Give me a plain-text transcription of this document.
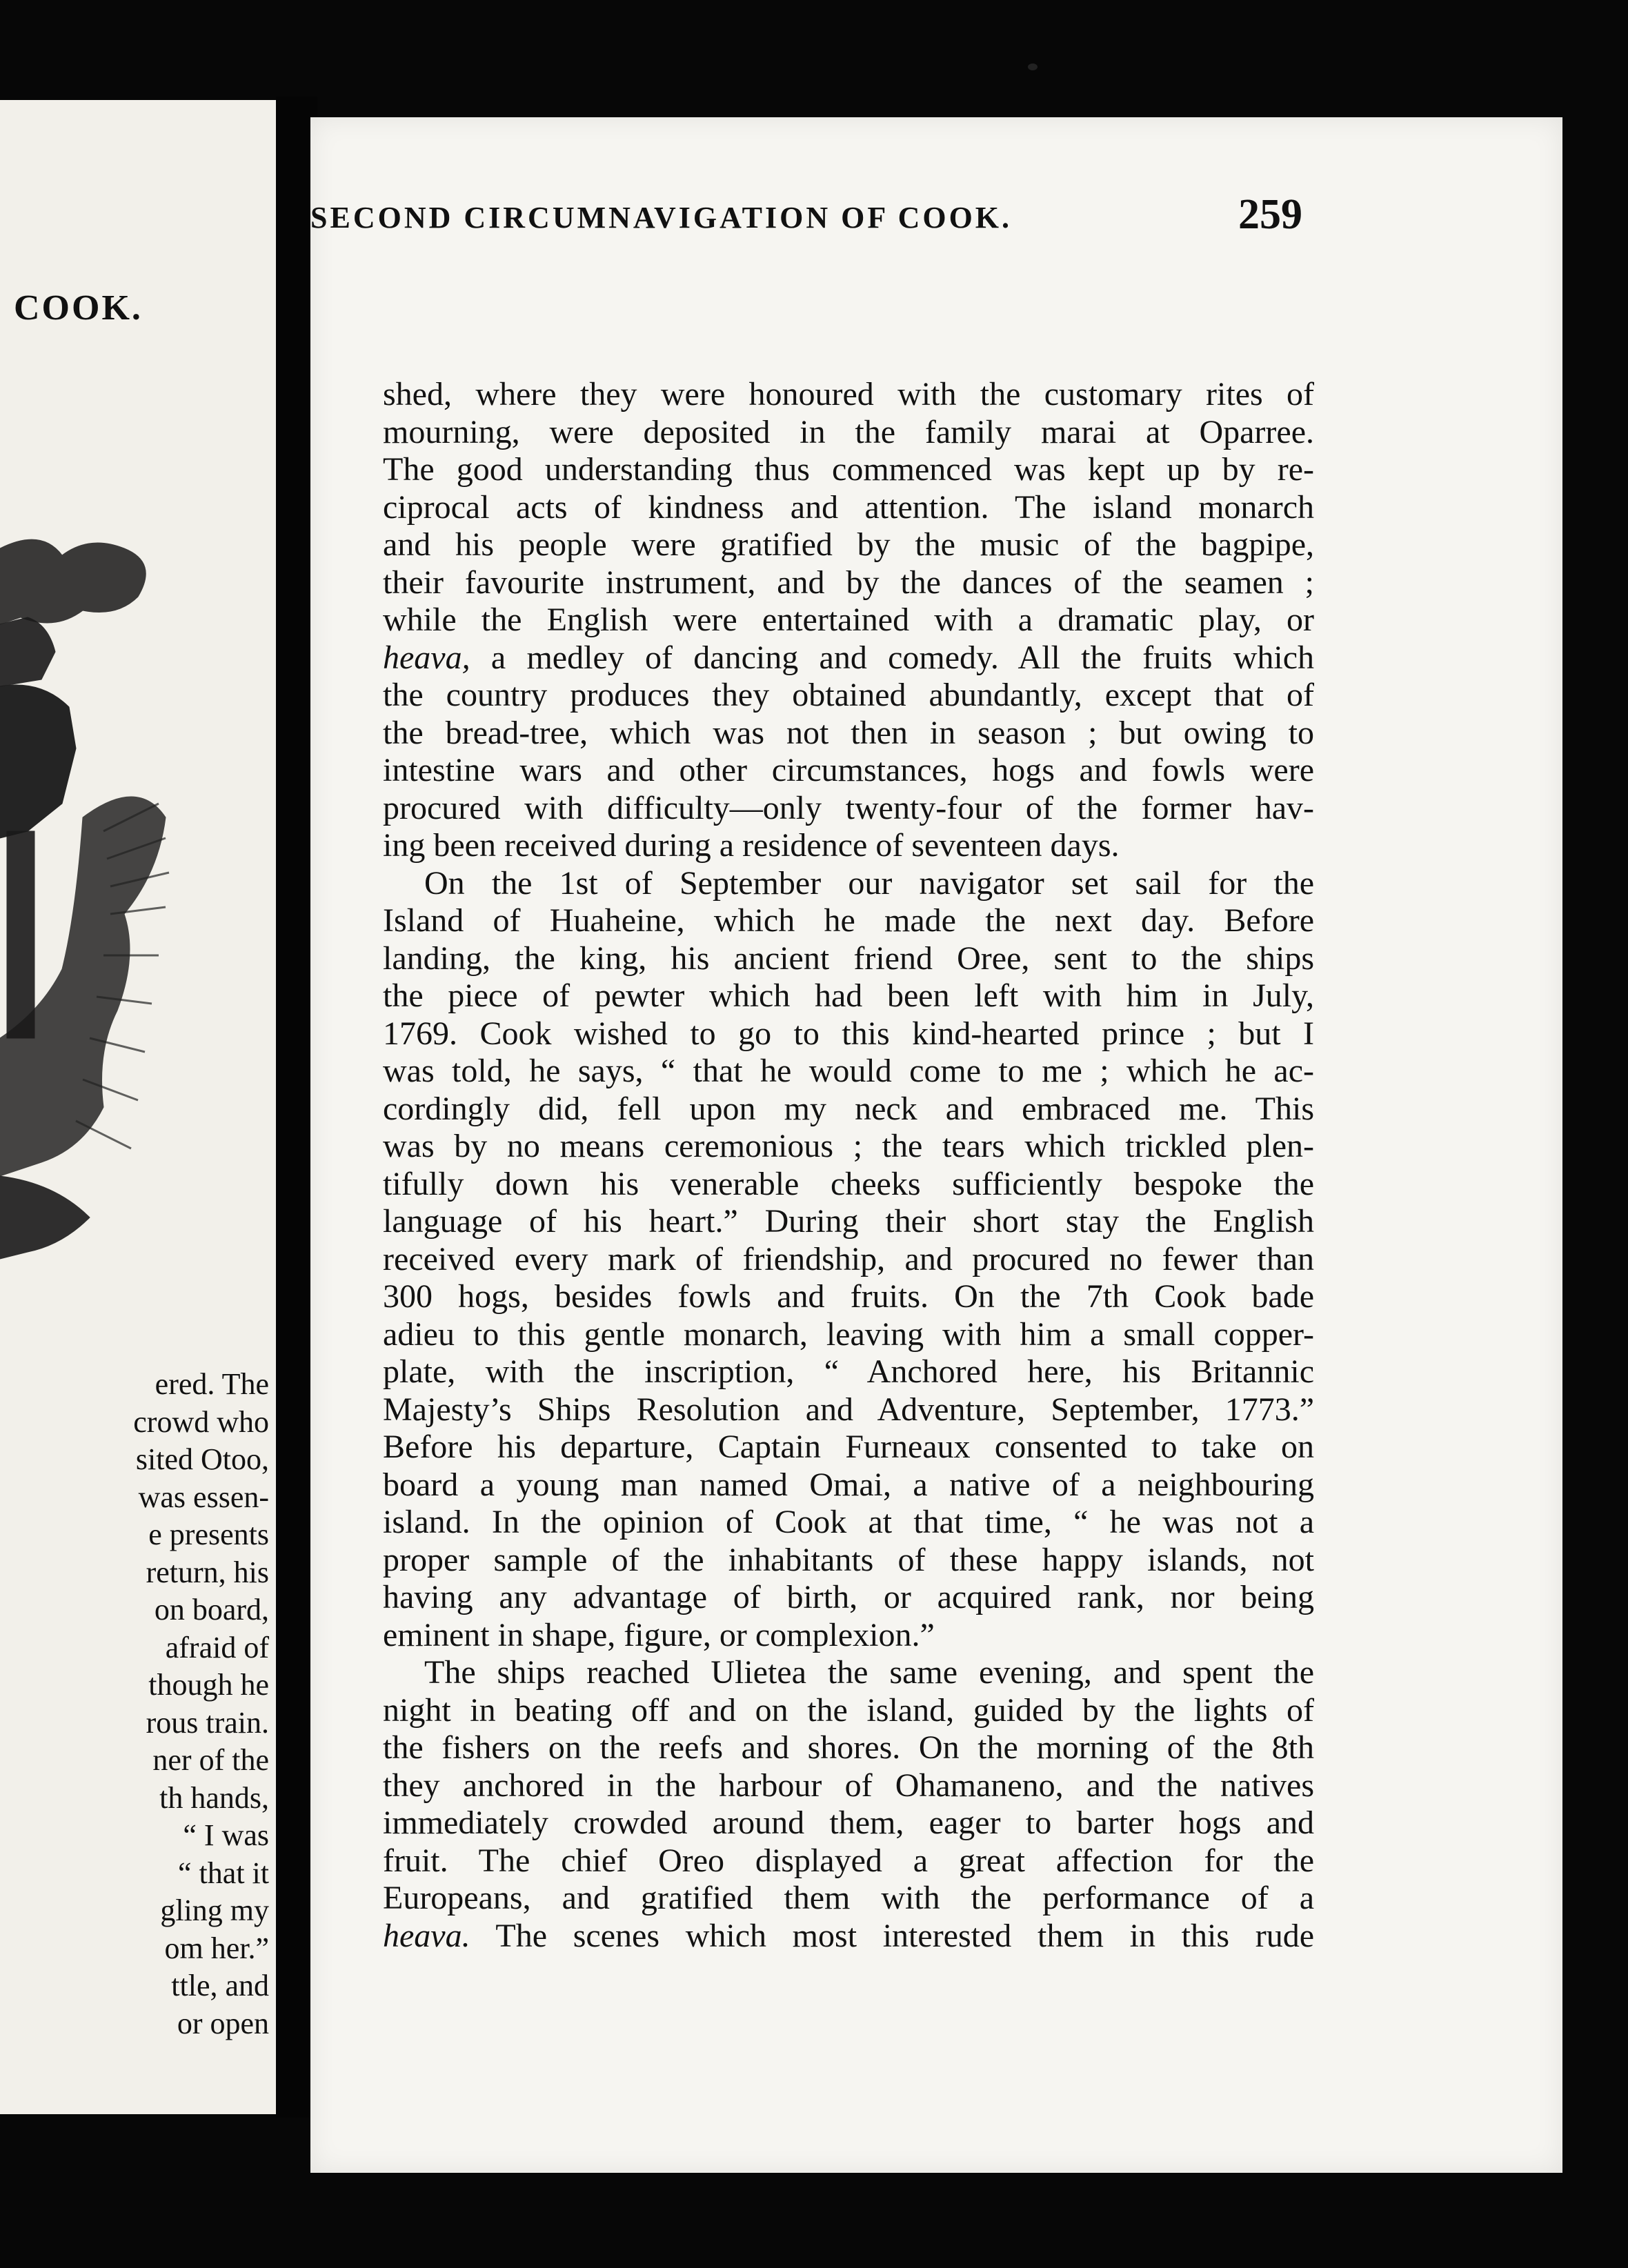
COOK.
ered. The
crowd who
sited Otoo,
was essen-
e presents
return, his
on board,
afraid of
though he
rous train.
ner of the
th hands,
“ I was
“ that it
gling my
om her.”
ttle, and
or open
SECOND CIRCUMNAVIGATION OF COOK.	259
shed, where they were honoured with the customary rites of
mourning, were deposited in the family marai at Oparree.
The good understanding thus commenced was kept up by re-
ciprocal acts of kindness and attention. The island monarch
and his people were gratified by the music of the bagpipe,
their favourite instrument, and by the dances of the seamen ;
while the English were entertained with a dramatic play, or
heava, a medley of dancing and comedy. All the fruits which
the country produces they obtained abundantly, except that of
the bread-tree, which was not then in season ; but owing to
intestine wars and other circumstances, hogs and fowls were
procured with difficulty—only twenty-four of the former hav-
ing been received during a residence of seventeen days.
On the 1st of September our navigator set sail for the
Island of Huaheine, which he made the next day. Before
landing, the king, his ancient friend Oree, sent to the ships
the piece of pewter which had been left with him in July,
1769. Cook wished to go to this kind-hearted prince ; but I
was told, he says, “ that he would come to me ; which he ac-
cordingly did, fell upon my neck and embraced me. This
was by no means ceremonious ; the tears which trickled plen-
tifully down his venerable cheeks sufficiently bespoke the
language of his heart.” During their short stay the English
received every mark of friendship, and procured no fewer than
300 hogs, besides fowls and fruits. On the 7th Cook bade
adieu to this gentle monarch, leaving with him a small copper-
plate, with the inscription, “ Anchored here, his Britannic
Majesty’s Ships Resolution and Adventure, September, 1773.”
Before his departure, Captain Furneaux consented to take on
board a young man named Omai, a native of a neighbouring
island. In the opinion of Cook at that time, “ he was not a
proper sample of the inhabitants of these happy islands, not
having any advantage of birth, or acquired rank, nor being
eminent in shape, figure, or complexion.”
The ships reached Ulietea the same evening, and spent the
night in beating off and on the island, guided by the lights of
the fishers on the reefs and shores. On the morning of the 8th
they anchored in the harbour of Ohamaneno, and the natives
immediately crowded around them, eager to barter hogs and
fruit. The chief Oreo displayed a great affection for the
Europeans, and gratified them with the performance of a
heava. The scenes which most interested them in this rude
